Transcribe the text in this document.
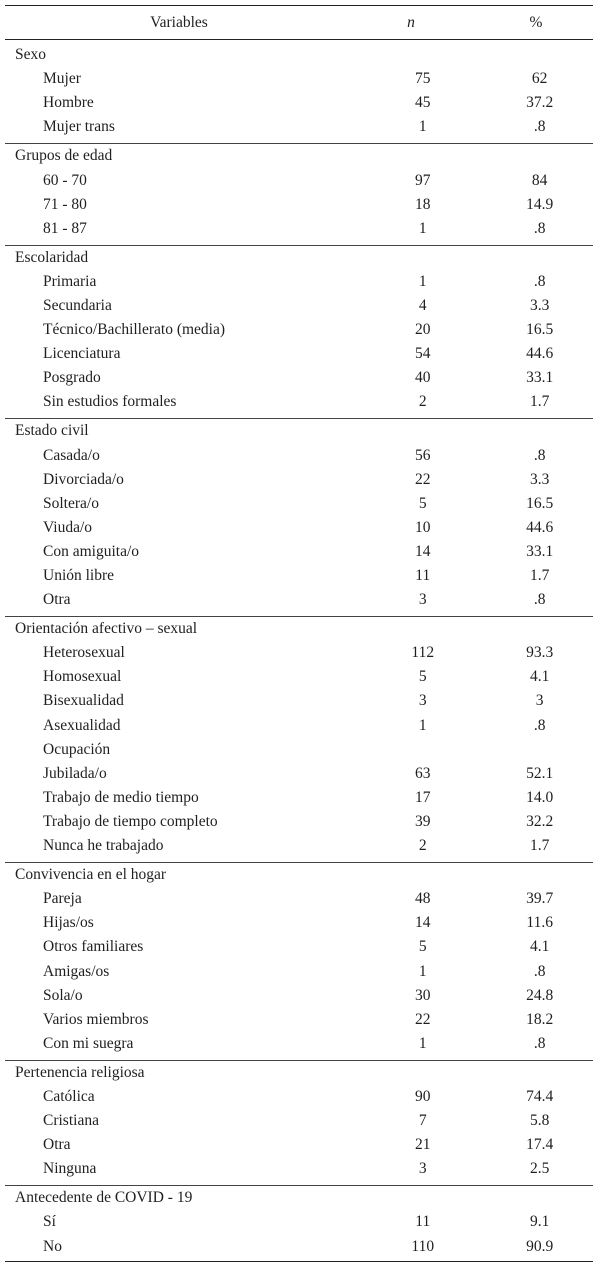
Variables	n	%
Sexo
Mujer	75	62
Hombre	45	37.2
Mujer trans	1	.8
Grupos de edad
60 - 70	97	84
71 - 80	18	14.9
81 - 87	1	.8
Escolaridad
Primaria	1	.8
Secundaria	4	3.3
Técnico/Bachillerato (media)	20	16.5
Licenciatura	54	44.6
Posgrado	40	33.1
Sin estudios formales	2	1.7
Estado civil
Casada/o	56	.8
Divorciada/o	22	3.3
Soltera/o	5	16.5
Viuda/o	10	44.6
Con amiguita/o	14	33.1
Unión libre	11	1.7
Otra	3	.8
Orientación afectivo – sexual
Heterosexual	112	93.3
Homosexual	5	4.1
Bisexualidad	3	3
Asexualidad	1	.8
Ocupación
Jubilada/o	63	52.1
Trabajo de medio tiempo	17	14.0
Trabajo de tiempo completo	39	32.2
Nunca he trabajado	2	1.7
Convivencia en el hogar
Pareja	48	39.7
Hijas/os	14	11.6
Otros familiares	5	4.1
Amigas/os	1	.8
Sola/o	30	24.8
Varios miembros	22	18.2
Con mi suegra	1	.8
Pertenencia religiosa
Católica	90	74.4
Cristiana	7	5.8
Otra	21	17.4
Ninguna	3	2.5
Antecedente de COVID - 19
Sí	11	9.1
No	110	90.9
